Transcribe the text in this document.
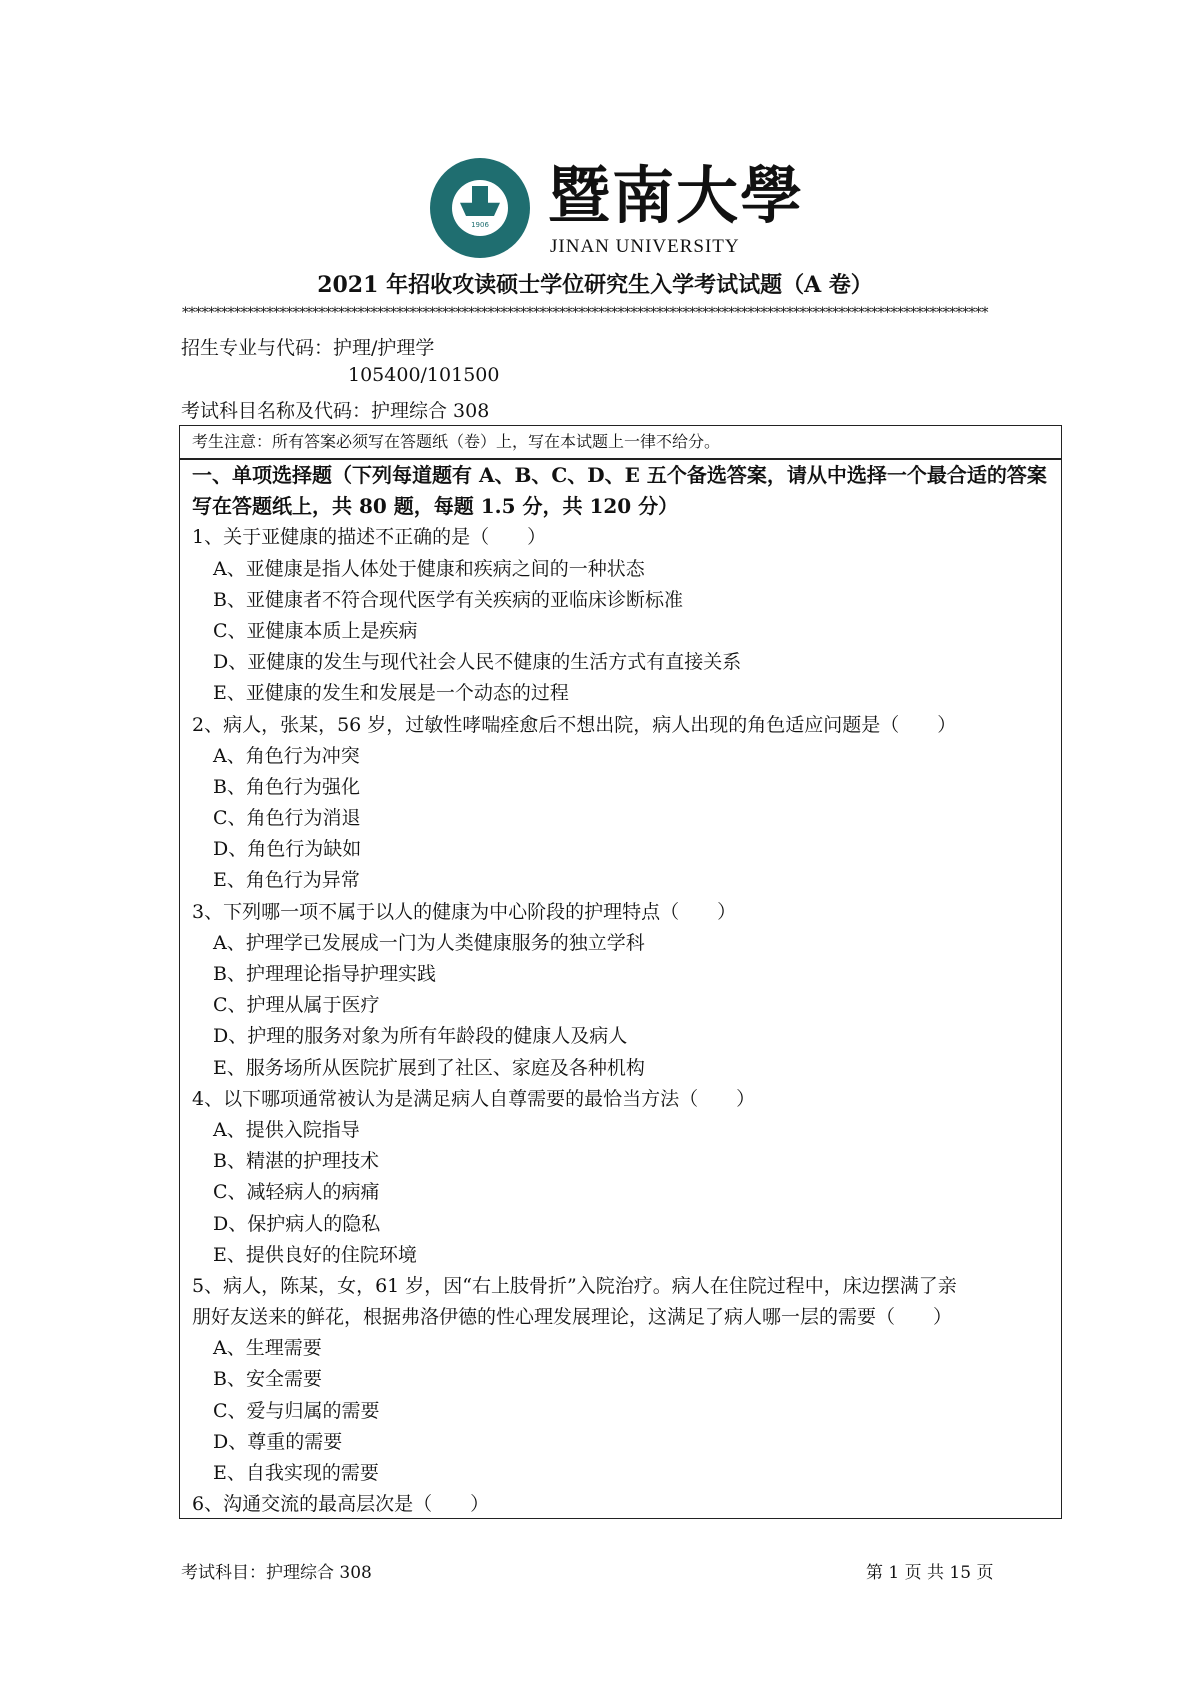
1906 暨南大學
JINAN UNIVERSITY
2021 年招收攻读硕士学位研究生入学考试试题（A 卷）
****************************************************************************************************************************
招生专业与代码：护理/护理学
105400/101500
考试科目名称及代码：护理综合 308
考生注意：所有答案必须写在答题纸（卷）上，写在本试题上一律不给分。
一、单项选择题（下列每道题有 A、B、C、D、E 五个备选答案，请从中选择一个最合适的答案
写在答题纸上，共 80 题，每题 1.5 分，共 120 分）
1、关于亚健康的描述不正确的是（　　）
A、亚健康是指人体处于健康和疾病之间的一种状态
B、亚健康者不符合现代医学有关疾病的亚临床诊断标准
C、亚健康本质上是疾病
D、亚健康的发生与现代社会人民不健康的生活方式有直接关系
E、亚健康的发生和发展是一个动态的过程
2、病人，张某，56 岁，过敏性哮喘痊愈后不想出院，病人出现的角色适应问题是（　　）
A、角色行为冲突
B、角色行为强化
C、角色行为消退
D、角色行为缺如
E、角色行为异常
3、下列哪一项不属于以人的健康为中心阶段的护理特点（　　）
A、护理学已发展成一门为人类健康服务的独立学科
B、护理理论指导护理实践
C、护理从属于医疗
D、护理的服务对象为所有年龄段的健康人及病人
E、服务场所从医院扩展到了社区、家庭及各种机构
4、以下哪项通常被认为是满足病人自尊需要的最恰当方法（　　）
A、提供入院指导
B、精湛的护理技术
C、减轻病人的病痛
D、保护病人的隐私
E、提供良好的住院环境
5、病人，陈某，女，61 岁，因“右上肢骨折”入院治疗。病人在住院过程中，床边摆满了亲
朋好友送来的鲜花，根据弗洛伊德的性心理发展理论，这满足了病人哪一层的需要（　　）
A、生理需要
B、安全需要
C、爱与归属的需要
D、尊重的需要
E、自我实现的需要
6、沟通交流的最高层次是（　　）
考试科目：护理综合 308	第 1 页 共 15 页
